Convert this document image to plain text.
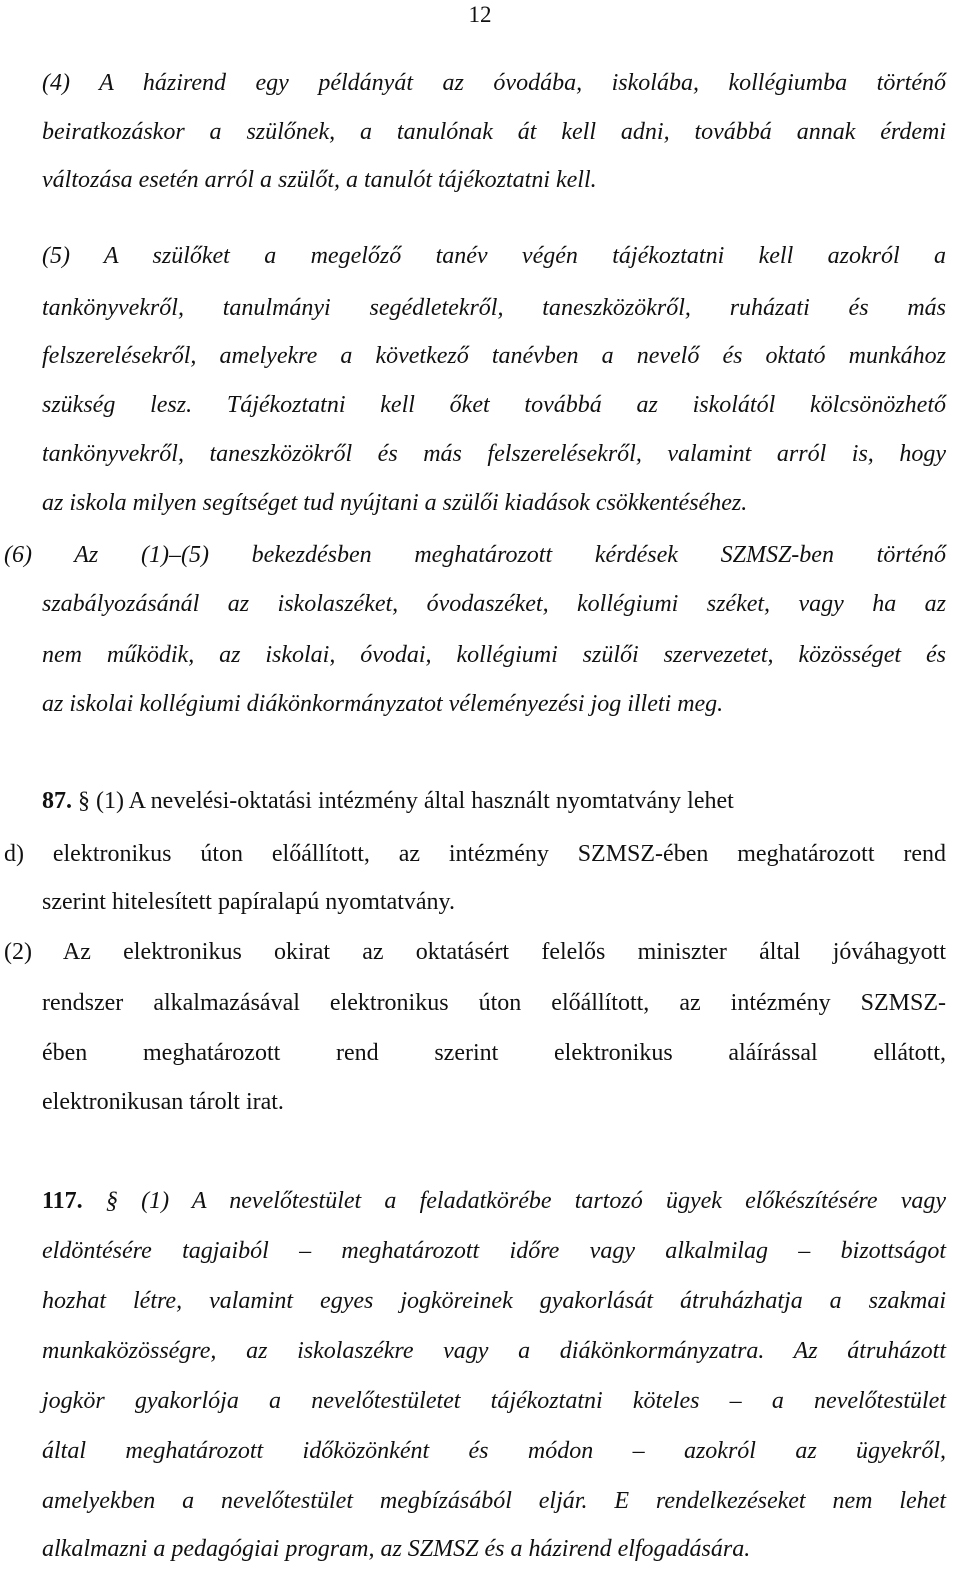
12
(4) A házirend egy példányát az óvodába, iskolába, kollégiumba történő
beiratkozáskor a szülőnek, a tanulónak át kell adni, továbbá annak érdemi
változása esetén arról a szülőt, a tanulót tájékoztatni kell.
(5) A szülőket a megelőző tanév végén tájékoztatni kell azokról a
tankönyvekről, tanulmányi segédletekről, taneszközökről, ruházati és más
felszerelésekről, amelyekre a következő tanévben a nevelő és oktató munkához
szükség lesz. Tájékoztatni kell őket továbbá az iskolától kölcsönözhető
tankönyvekről, taneszközökről és más felszerelésekről, valamint arról is, hogy
az iskola milyen segítséget tud nyújtani a szülői kiadások csökkentéséhez.
(6) Az (1)–(5) bekezdésben meghatározott kérdések SZMSZ-ben történő
szabályozásánál az iskolaszéket, óvodaszéket, kollégiumi széket, vagy ha az
nem működik, az iskolai, óvodai, kollégiumi szülői szervezetet, közösséget és
az iskolai kollégiumi diákönkormányzatot véleményezési jog illeti meg.
87. § (1) A nevelési-oktatási intézmény által használt nyomtatvány lehet
d) elektronikus úton előállított, az intézmény SZMSZ-ében meghatározott rend
szerint hitelesített papíralapú nyomtatvány.
(2) Az elektronikus okirat az oktatásért felelős miniszter által jóváhagyott
rendszer alkalmazásával elektronikus úton előállított, az intézmény SZMSZ-
ében meghatározott rend szerint elektronikus aláírással ellátott,
elektronikusan tárolt irat.
117. § (1) A nevelőtestület a feladatkörébe tartozó ügyek előkészítésére vagy
eldöntésére tagjaiból – meghatározott időre vagy alkalmilag – bizottságot
hozhat létre, valamint egyes jogköreinek gyakorlását átruházhatja a szakmai
munkaközösségre, az iskolaszékre vagy a diákönkormányzatra. Az átruházott
jogkör gyakorlója a nevelőtestületet tájékoztatni köteles – a nevelőtestület
által meghatározott időközönként és módon – azokról az ügyekről,
amelyekben a nevelőtestület megbízásából eljár. E rendelkezéseket nem lehet
alkalmazni a pedagógiai program, az SZMSZ és a házirend elfogadására.
